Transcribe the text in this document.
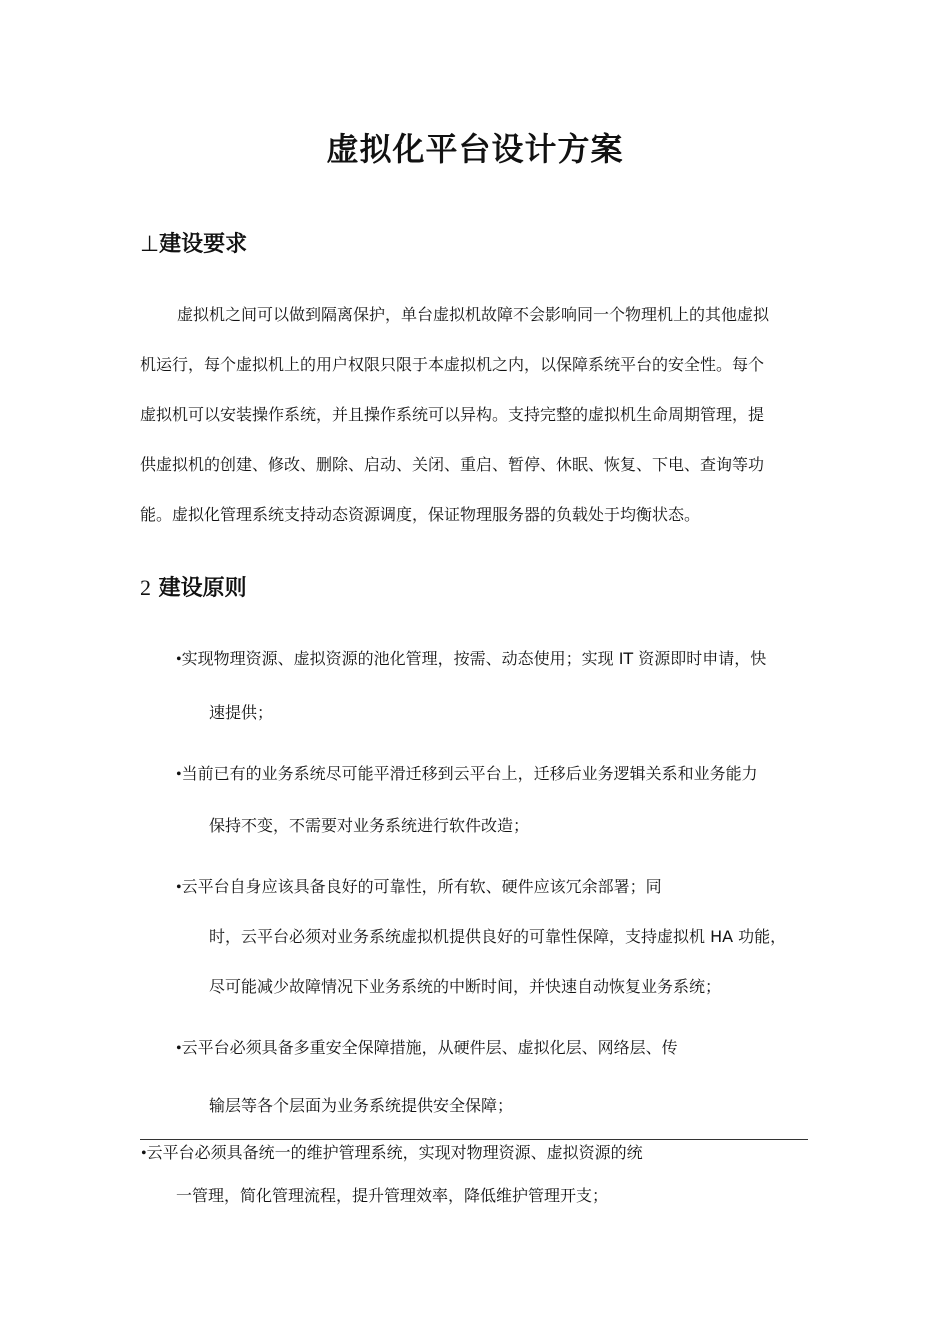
虚拟化平台设计方案
⊥建设要求
虚拟机之间可以做到隔离保护，单台虚拟机故障不会影响同一个物理机上的其他虚拟
机运行，每个虚拟机上的用户权限只限于本虚拟机之内，以保障系统平台的安全性。每个
虚拟机可以安装操作系统，并且操作系统可以异构。支持完整的虚拟机生命周期管理，提
供虚拟机的创建、修改、删除、启动、关闭、重启、暂停、休眠、恢复、下电、查询等功
能。虚拟化管理系统支持动态资源调度，保证物理服务器的负载处于均衡状态。
2 建设原则
•实现物理资源、虚拟资源的池化管理，按需、动态使用；实现 IT 资源即时申请，快
速提供；
•当前已有的业务系统尽可能平滑迁移到云平台上，迁移后业务逻辑关系和业务能力
保持不变，不需要对业务系统进行软件改造；
•云平台自身应该具备良好的可靠性，所有软、硬件应该冗余部署；同
时，云平台必须对业务系统虚拟机提供良好的可靠性保障，支持虚拟机 HA 功能，
尽可能减少故障情况下业务系统的中断时间，并快速自动恢复业务系统；
•云平台必须具备多重安全保障措施，从硬件层、虚拟化层、网络层、传
输层等各个层面为业务系统提供安全保障；
•云平台必须具备统一的维护管理系统，实现对物理资源、虚拟资源的统
一管理，简化管理流程，提升管理效率，降低维护管理开支；
